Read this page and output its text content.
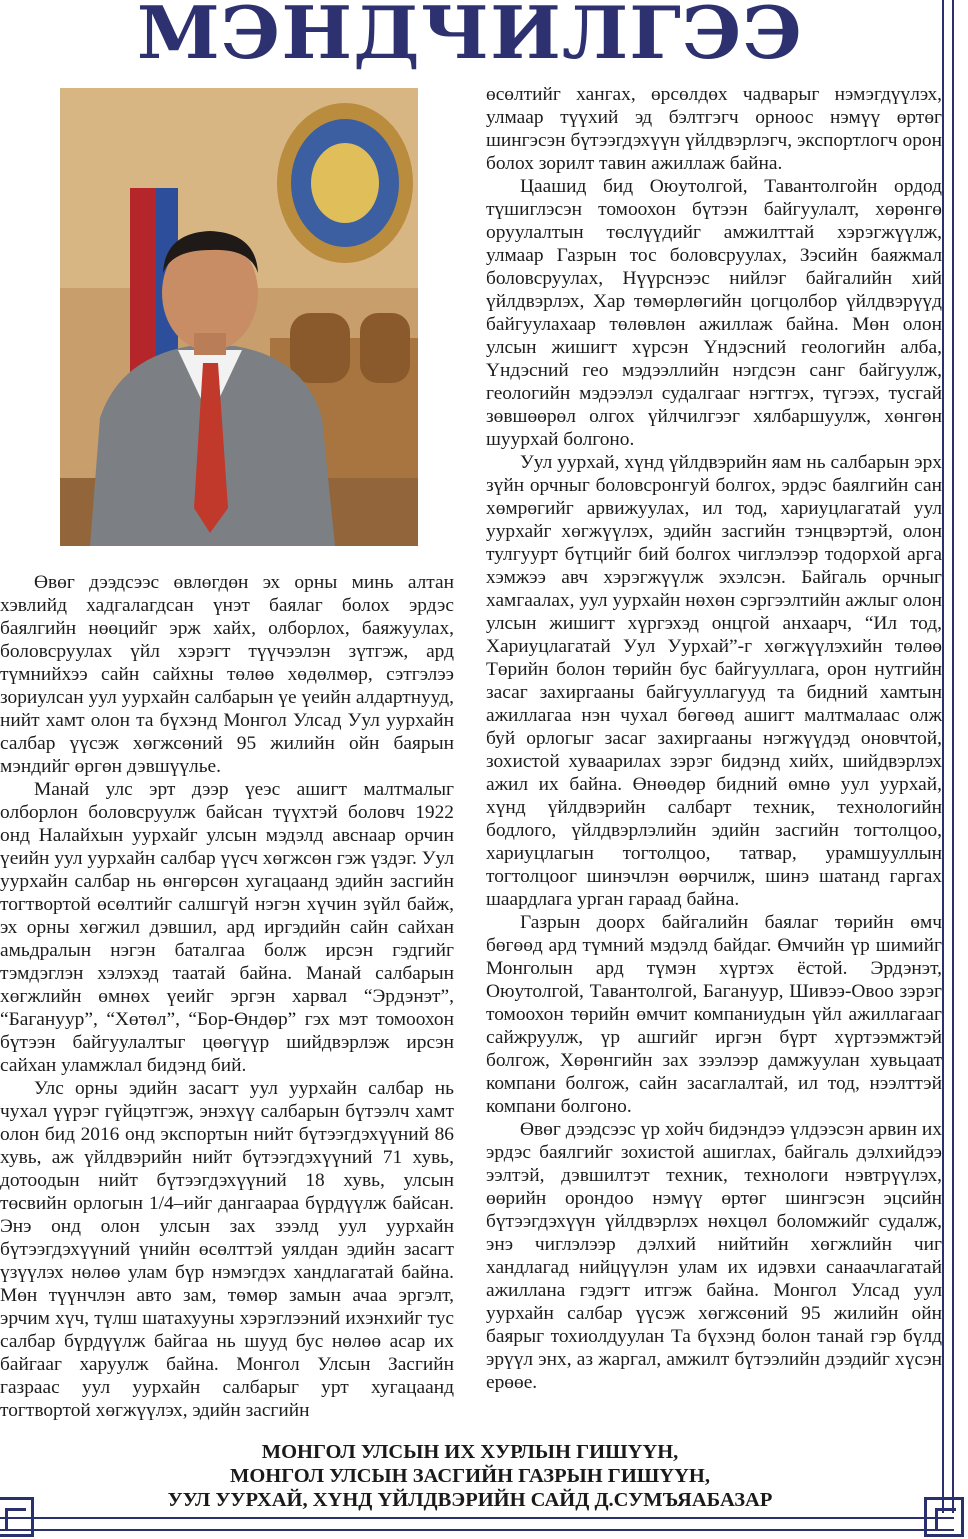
МЭНДЧИЛГЭЭ

Өвөг дээдсээс өвлөгдөн эх орны минь алтан хэвлийд хадгалагдсан үнэт баялаг болох эрдэс баялгийн нөөцийг эрж хайх, олборлох, баяжуулах, боловсруулах үйл хэрэгт түүчээлэн зүтгэж, ард түмнийхээ сайн сайхны төлөө хөдөлмөр, сэтгэлээ зориулсан уул уурхайн салбарын үе үеийн алдартнууд, нийт хамт олон та бүхэнд Монгол Улсад Уул уурхайн салбар үүсэж хөгжсөний 95 жилийн ойн баярын мэндийг өргөн дэвшүүлье.

Манай улс эрт дээр үеэс ашигт малтмалыг олборлон боловсруулж байсан түүхтэй боловч 1922 онд Налайхын уурхайг улсын мэдэлд авснаар орчин үеийн уул уурхайн салбар үүсч хөгжсөн гэж үздэг. Уул уурхайн салбар нь өнгөрсөн хугацаанд эдийн засгийн тогтвортой өсөлтийг салшгүй нэгэн хүчин зүйл байж, эх орны хөгжил дэвшил, ард иргэдийн сайн сайхан амьдралын нэгэн баталгаа болж ирсэн гэдгийг тэмдэглэн хэлэхэд таатай байна. Манай салбарын хөгжлийн өмнөх үеийг эргэн харвал “Эрдэнэт”, “Багануур”, “Хөтөл”, “Бор-Өндөр” гэх мэт томоохон бүтээн байгуулалтыг цөөгүүр шийдвэрлэж ирсэн сайхан уламжлал бидэнд бий.

Улс орны эдийн засагт уул уурхайн салбар нь чухал үүрэг гүйцэтгэж, энэхүү салбарын бүтээлч хамт олон бид 2016 онд экспортын нийт бүтээгдэхүүний 86 хувь, аж үйлдвэрийн нийт бүтээгдэхүүний 71 хувь, дотоодын нийт бүтээгдэхүүний 18 хувь, улсын төсвийн орлогын 1/4–ийг дангаараа бүрдүүлж байсан. Энэ онд олон улсын зах зээлд уул уурхайн бүтээгдэхүүний үнийн өсөлттэй уялдан эдийн засагт үзүүлэх нөлөө улам бүр нэмэгдэх хандлагатай байна. Мөн түүнчлэн авто зам, төмөр замын ачаа эргэлт, эрчим хүч, түлш шатахууны хэрэглээний ихэнхийг тус салбар бүрдүүлж байгаа нь шууд бус нөлөө асар их байгааг харуулж байна. Монгол Улсын Засгийн газраас уул уурхайн салбарыг урт хугацаанд тогтвортой хөгжүүлэх, эдийн засгийн

өсөлтийг хангах, өрсөлдөх чадварыг нэмэгдүүлэх, улмаар түүхий эд бэлтгэгч орноос нэмүү өртөг шингэсэн бүтээгдэхүүн үйлдвэрлэгч, экспортлогч орон болох зорилт тавин ажиллаж байна.

Цаашид бид Оюутолгой, Тавантолгойн ордод түшиглэсэн томоохон бүтээн байгуулалт, хөрөнгө оруулалтын төслүүдийг амжилттай хэрэгжүүлж, улмаар Газрын тос боловсруулах, Зэсийн баяжмал боловсруулах, Нүүрснээс нийлэг байгалийн хий үйлдвэрлэх, Хар төмөрлөгийн цогцолбор үйлдвэрүүд байгуулахаар төлөвлөн ажиллаж байна. Мөн олон улсын жишигт хүрсэн Үндэсний геологийн алба, Үндэсний гео мэдээллийн нэгдсэн санг байгуулж, геологийн мэдээлэл судалгааг нэгтгэх, түгээх, тусгай зөвшөөрөл олгох үйлчилгээг хялбаршуулж, хөнгөн шуурхай болгоно.

Уул уурхай, хүнд үйлдвэрийн яам нь салбарын эрх зүйн орчныг боловсронгуй болгох, эрдэс баялгийн сан хөмрөгийг арвижуулах, ил тод, хариуцлагатай уул уурхайг хөгжүүлэх, эдийн засгийн тэнцвэртэй, олон тулгуурт бүтцийг бий болгох чиглэлээр тодорхой арга хэмжээ авч хэрэгжүүлж эхэлсэн. Байгаль орчныг хамгаалах, уул уурхайн нөхөн сэргээлтийн ажлыг олон улсын жишигт хүргэхэд онцгой анхаарч, “Ил тод, Хариуцлагатай Уул Уурхай”-г хөгжүүлэхийн төлөө Төрийн болон төрийн бус байгууллага, орон нутгийн засаг захиргааны байгууллагууд та бидний хамтын ажиллагаа нэн чухал бөгөөд ашигт малтмалаас олж буй орлогыг засаг захиргааны нэгжүүдэд оновчтой, зохистой хуваарилах зэрэг бидэнд хийх, шийдвэрлэх ажил их байна. Өнөөдөр бидний өмнө уул уурхай, хүнд үйлдвэрийн салбарт техник, технологийн бодлого, үйлдвэрлэлийн эдийн засгийн тогтолцоо, хариуцлагын тогтолцоо, татвар, урамшууллын тогтолцоог шинэчлэн өөрчилж, шинэ шатанд гаргах шаардлага урган гараад байна.

Газрын доорх байгалийн баялаг төрийн өмч бөгөөд ард түмний мэдэлд байдаг. Өмчийн үр шимийг Монголын ард түмэн хүртэх ёстой. Эрдэнэт, Оюутолгой, Тавантолгой, Багануур, Шивээ-Овоо зэрэг томоохон төрийн өмчит компаниудын үйл ажиллагааг сайжруулж, үр ашгийг иргэн бүрт хүртээмжтэй болгож, Хөрөнгийн зах зээлээр дамжуулан хувьцаат компани болгож, сайн засаглалтай, ил тод, нээлттэй компани болгоно.

Өвөг дээдсээс үр хойч бидэндээ үлдээсэн арвин их эрдэс баялгийг зохистой ашиглах, байгаль дэлхийдээ ээлтэй, дэвшилтэт техник, технологи нэвтрүүлэх, өөрийн орондоо нэмүү өртөг шингэсэн эцсийн бүтээгдэхүүн үйлдвэрлэх нөхцөл боломжийг судалж, энэ чиглэлээр дэлхий нийтийн хөгжлийн чиг хандлагад нийцүүлэн улам их идэвхи санаачлагатай ажиллана гэдэгт итгэж байна. Монгол Улсад уул уурхайн салбар үүсэж хөгжсөний 95 жилийн ойн баярыг тохиолдуулан Та бүхэнд болон танай гэр бүлд эрүүл энх, аз жаргал, амжилт бүтээлийн дээдийг хүсэн ерөөе.

МОНГОЛ УЛСЫН ИХ ХУРЛЫН ГИШҮҮН,
МОНГОЛ УЛСЫН ЗАСГИЙН ГАЗРЫН ГИШҮҮН,
УУЛ УУРХАЙ, ХҮНД ҮЙЛДВЭРИЙН САЙД Д.СУМЪЯАБАЗАР
